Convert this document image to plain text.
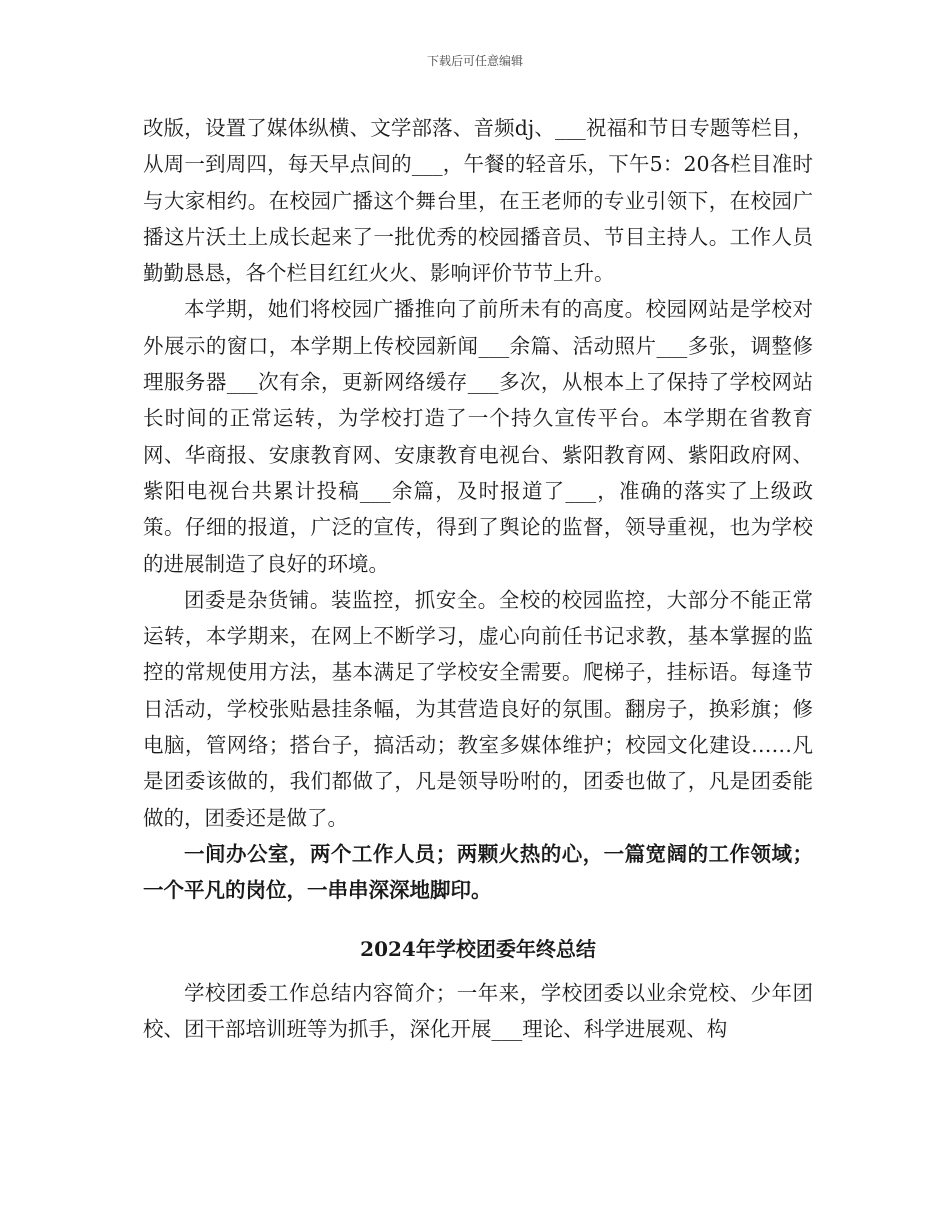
下载后可任意编辑

改版，设置了媒体纵横、文学部落、音频dj、___祝福和节日专题等栏目，从周一到周四，每天早点间的___，午餐的轻音乐，下午5：20各栏目准时与大家相约。在校园广播这个舞台里，在王老师的专业引领下，在校园广播这片沃土上成长起来了一批优秀的校园播音员、节目主持人。工作人员勤勤恳恳，各个栏目红红火火、影响评价节节上升。

本学期，她们将校园广播推向了前所未有的高度。校园网站是学校对外展示的窗口，本学期上传校园新闻___余篇、活动照片___多张，调整修理服务器___次有余，更新网络缓存___多次，从根本上了保持了学校网站长时间的正常运转，为学校打造了一个持久宣传平台。本学期在省教育网、华商报、安康教育网、安康教育电视台、紫阳教育网、紫阳政府网、紫阳电视台共累计投稿___余篇，及时报道了___，准确的落实了上级政策。仔细的报道，广泛的宣传，得到了舆论的监督，领导重视，也为学校的进展制造了良好的环境。

团委是杂货铺。装监控，抓安全。全校的校园监控，大部分不能正常运转，本学期来，在网上不断学习，虚心向前任书记求教，基本掌握的监控的常规使用方法，基本满足了学校安全需要。爬梯子，挂标语。每逢节日活动，学校张贴悬挂条幅，为其营造良好的氛围。翻房子，换彩旗；修电脑，管网络；搭台子，搞活动；教室多媒体维护；校园文化建设……凡是团委该做的，我们都做了，凡是领导吩咐的，团委也做了，凡是团委能做的，团委还是做了。

一间办公室，两个工作人员；两颗火热的心，一篇宽阔的工作领域；一个平凡的岗位，一串串深深地脚印。

2024年学校团委年终总结

学校团委工作总结内容简介；一年来，学校团委以业余党校、少年团校、团干部培训班等为抓手，深化开展___理论、科学进展观、构
